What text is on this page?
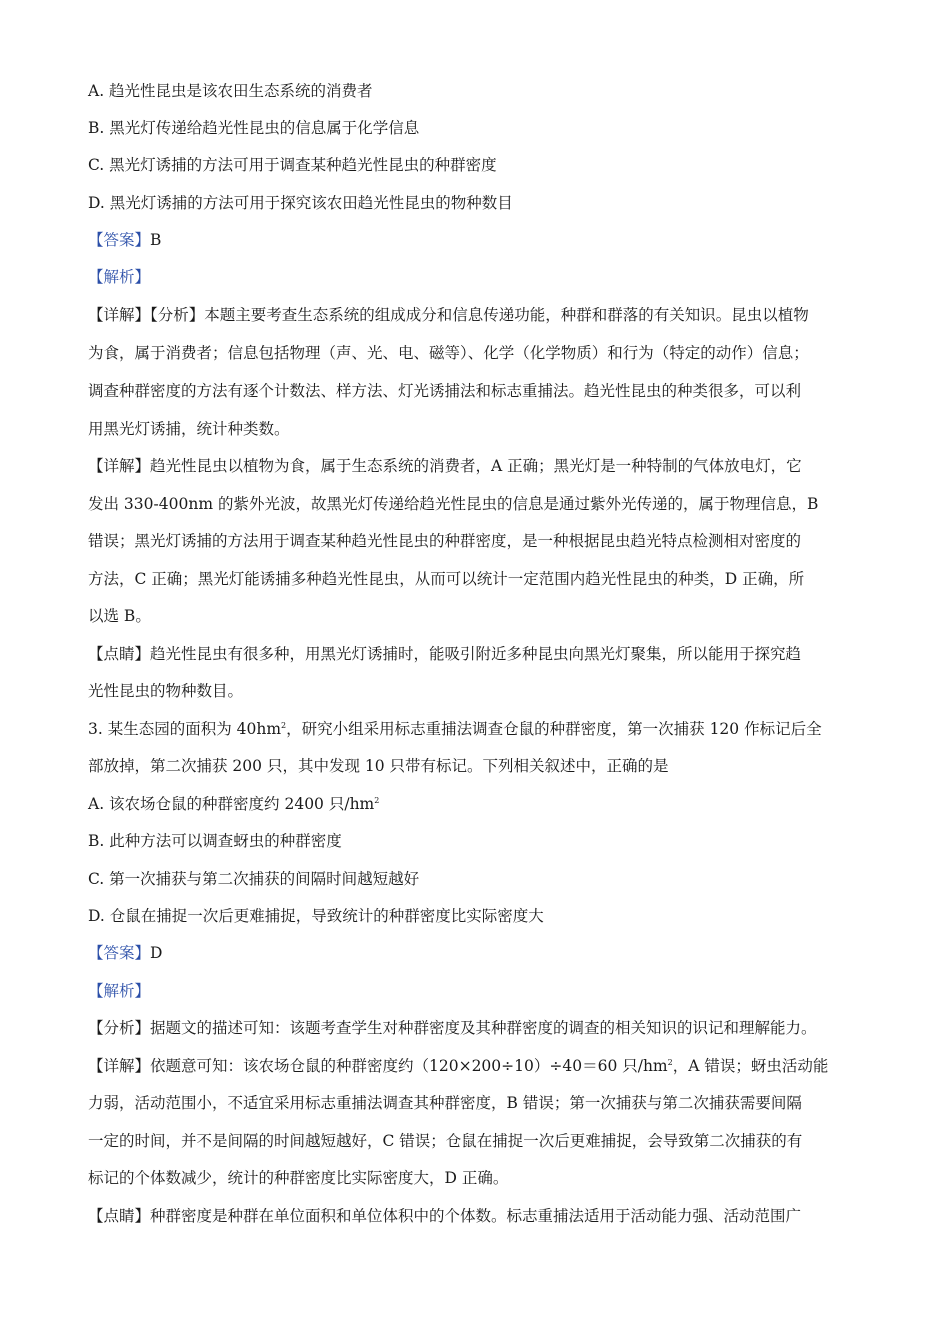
A. 趋光性昆虫是该农田生态系统的消费者
B. 黑光灯传递给趋光性昆虫的信息属于化学信息
C. 黑光灯诱捕的方法可用于调查某种趋光性昆虫的种群密度
D. 黑光灯诱捕的方法可用于探究该农田趋光性昆虫的物种数目
【答案】B
【解析】
【详解】【分析】本题主要考查生态系统的组成成分和信息传递功能，种群和群落的有关知识。昆虫以植物
为食，属于消费者；信息包括物理（声、光、电、磁等）、化学（化学物质）和行为（特定的动作）信息；
调查种群密度的方法有逐个计数法、样方法、灯光诱捕法和标志重捕法。趋光性昆虫的种类很多，可以利
用黑光灯诱捕，统计种类数。
【详解】趋光性昆虫以植物为食，属于生态系统的消费者，A 正确；黑光灯是一种特制的气体放电灯，它
发出 330-400nm 的紫外光波，故黑光灯传递给趋光性昆虫的信息是通过紫外光传递的，属于物理信息，B
错误；黑光灯诱捕的方法用于调查某种趋光性昆虫的种群密度，是一种根据昆虫趋光特点检测相对密度的
方法，C 正确；黑光灯能诱捕多种趋光性昆虫，从而可以统计一定范围内趋光性昆虫的种类，D 正确，所
以选 B。
【点睛】趋光性昆虫有很多种，用黑光灯诱捕时，能吸引附近多种昆虫向黑光灯聚集，所以能用于探究趋
光性昆虫的物种数目。
3. 某生态园的面积为 $40hm^2$，研究小组采用标志重捕法调查仓鼠的种群密度，第一次捕获 120 作标记后全
部放掉，第二次捕获 200 只，其中发现 10 只带有标记。下列相关叙述中，正确的是
A. 该农场仓鼠的种群密度约 2400 只$/hm^2$
B. 此种方法可以调查蚜虫的种群密度
C. 第一次捕获与第二次捕获的间隔时间越短越好
D. 仓鼠在捕捉一次后更难捕捉，导致统计的种群密度比实际密度大
【答案】D
【解析】
【分析】据题文的描述可知：该题考查学生对种群密度及其种群密度的调查的相关知识的识记和理解能力。
【详解】依题意可知：该农场仓鼠的种群密度约（120×200÷10）÷40＝60 只$/hm^2$，A 错误；蚜虫活动能
力弱，活动范围小，不适宜采用标志重捕法调查其种群密度，B 错误；第一次捕获与第二次捕获需要间隔
一定的时间，并不是间隔的时间越短越好，C 错误；仓鼠在捕捉一次后更难捕捉，会导致第二次捕获的有
标记的个体数减少，统计的种群密度比实际密度大，D 正确。
【点睛】种群密度是种群在单位面积和单位体积中的个体数。标志重捕法适用于活动能力强、活动范围广
